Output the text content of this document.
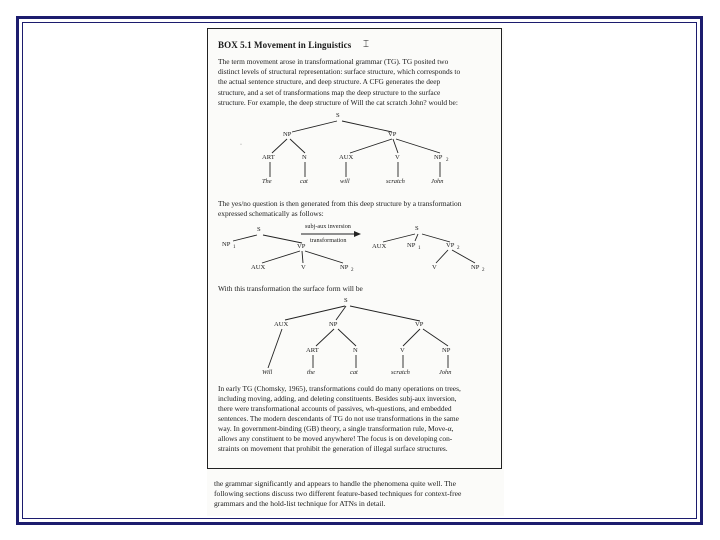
BOX 5.1 Movement in Linguistics ⌶

The term movement arose in transformational grammar (TG). TG posited two

distinct levels of structural representation: surface structure, which corresponds to

the actual sentence structure, and deep structure. A CFG generates the deep

structure, and a set of transformations map the deep structure to the surface

structure. For example, the deep structure of Will the cat scratch John? would be:

S
NP	VP
ART	N	AUX	V	NP 2
The	cat	will	scratch	John
·

The yes/no question is then generated from this deep structure by a transformation

expressed schematically as follows:

subj-aux inversion
transformation
S
NP 1	VP
AUX	V	NP 2
S
AUX	NP 1	VP 2
V	NP 2

With this transformation the surface form will be

S
AUX	NP	VP
ART	N	V	NP
Will	the	cat	scratch	John

In early TG (Chomsky, 1965), transformations could do many operations on trees,

including moving, adding, and deleting constituents. Besides subj-aux inversion,

there were transformational accounts of passives, wh-questions, and embedded

sentences. The modern descendants of TG do not use transformations in the same

way. In government-binding (GB) theory, a single transformation rule, Move-α,

allows any constituent to be moved anywhere! The focus is on developing con-

straints on movement that prohibit the generation of illegal surface structures.

the grammar significantly and appears to handle the phenomena quite well. The

following sections discuss two different feature-based techniques for context-free

grammars and the hold-list technique for ATNs in detail.
